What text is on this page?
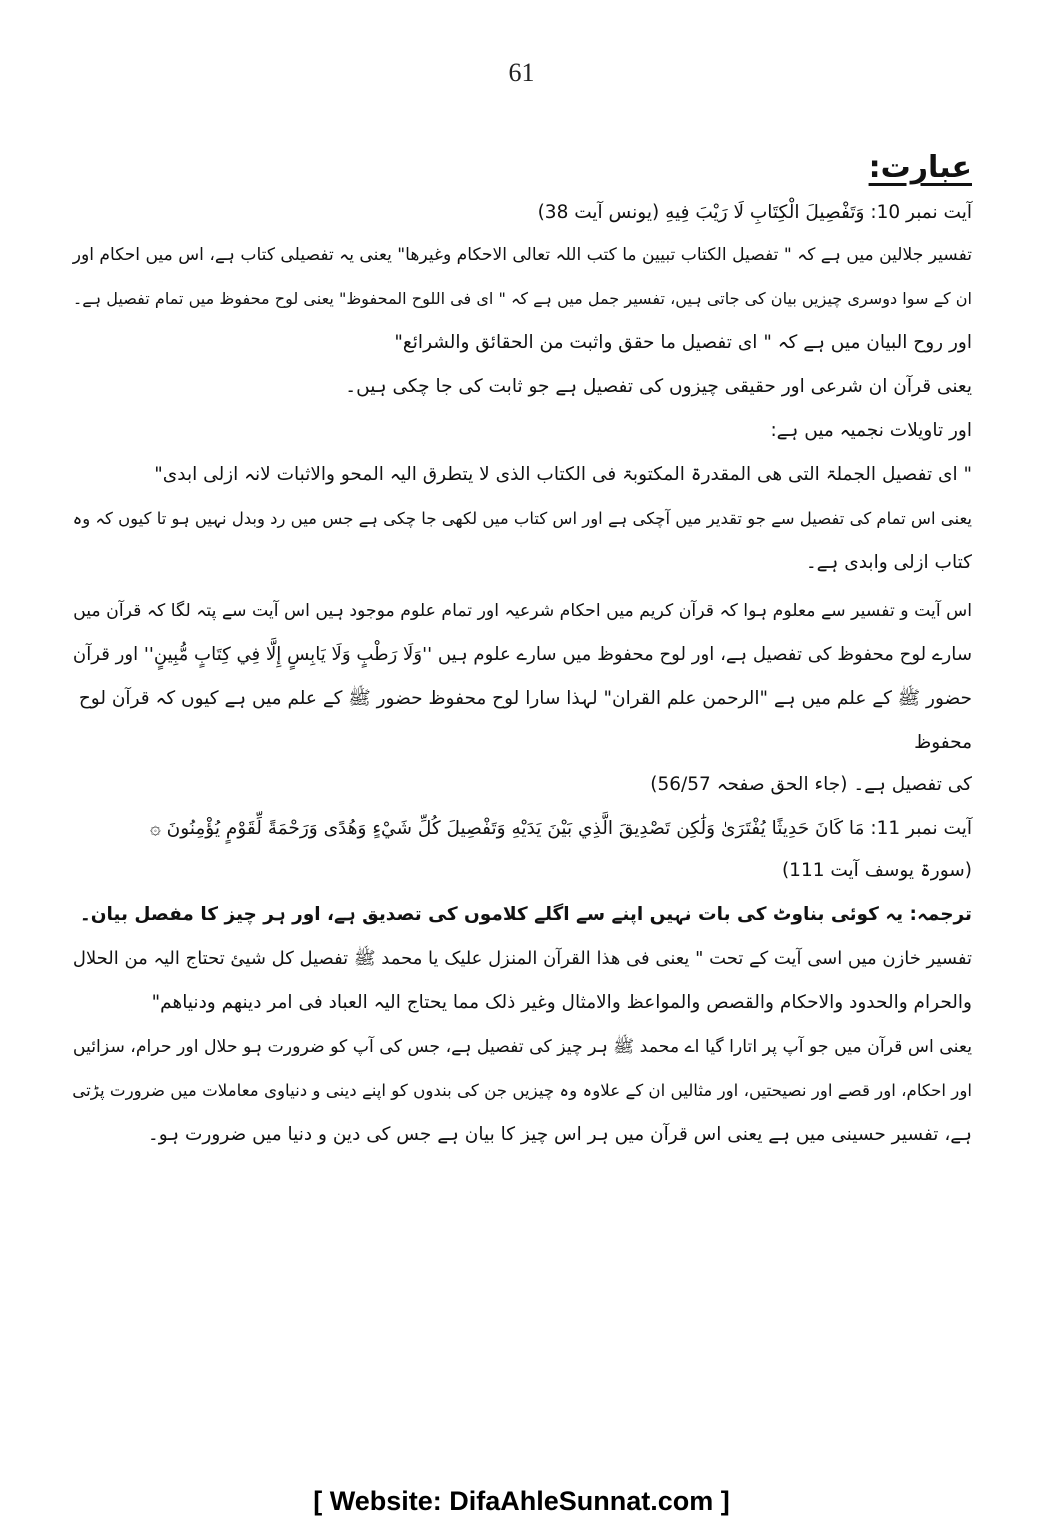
61
عبارت:

آیت نمبر 10: وَتَفْصِيلَ الْكِتَابِ لَا رَيْبَ فِيهِ (یونس آیت 38)

تفسیر جلالین میں ہے کہ " تفصیل الکتاب تبیین ما کتب اللہ تعالی الاحکام وغیرھا" یعنی یہ تفصیلی کتاب ہے، اس میں احکام اور

ان کے سوا دوسری چیزیں بیان کی جاتی ہیں، تفسیر جمل میں ہے کہ " ای فی اللوح المحفوظ" یعنی لوح محفوظ میں تمام تفصیل ہے۔

اور روح البیان میں ہے کہ " ای تفصیل ما حقق واثبت من الحقائق والشرائع"

یعنی قرآن ان شرعی اور حقیقی چیزوں کی تفصیل ہے جو ثابت کی جا چکی ہیں۔

اور تاویلات نجمیہ میں ہے:

" ای تفصیل الجملۃ التی ھی المقدرۃ المکتوبۃ فی الکتاب الذی لا یتطرق الیہ المحو والاثبات لانہ ازلی ابدی"

یعنی اس تمام کی تفصیل سے جو تقدیر میں آچکی ہے اور اس کتاب میں لکھی جا چکی ہے جس میں رد وبدل نہیں ہو تا کیوں کہ وہ

کتاب ازلی وابدی ہے۔

اس آیت و تفسیر سے معلوم ہوا کہ قرآن کریم میں احکام شرعیہ اور تمام علوم موجود ہیں اس آیت سے پتہ لگا کہ قرآن میں

سارے لوح محفوظ کی تفصیل ہے، اور لوح محفوظ میں سارے علوم ہیں ''وَلَا رَطْبٍ وَلَا يَابِسٍ إِلَّا فِي كِتَابٍ مُّبِينٍ'' اور قرآن

حضور ﷺ کے علم میں ہے "الرحمن علم القران" لہذا سارا لوح محفوظ حضور ﷺ کے علم میں ہے کیوں کہ قرآن لوح

محفوظ

کی تفصیل ہے۔ (جاء الحق صفحہ 56/57)

آیت نمبر 11: مَا كَانَ حَدِيثًا يُفْتَرَىٰ وَلَٰكِن تَصْدِيقَ الَّذِي بَيْنَ يَدَيْهِ وَتَفْصِيلَ كُلِّ شَيْءٍ وَهُدًى وَرَحْمَةً لِّقَوْمٍ يُؤْمِنُونَ ۞

(سورۃ یوسف آیت 111)

ترجمہ: یہ کوئی بناوٹ کی بات نہیں اپنے سے اگلے کلاموں کی تصدیق ہے، اور ہر چیز کا مفصل بیان۔

تفسیر خازن میں اسی آیت کے تحت " یعنی فی ھذا القرآن المنزل علیک یا محمد ﷺ تفصیل کل شیئ تحتاج الیہ من الحلال

والحرام والحدود والاحکام والقصص والمواعظ والامثال وغیر ذلک مما یحتاج الیہ العباد فی امر دینھم ودنیاھم"

یعنی اس قرآن میں جو آپ پر اتارا گیا اے محمد ﷺ ہر چیز کی تفصیل ہے، جس کی آپ کو ضرورت ہو حلال اور حرام، سزائیں

اور احکام، اور قصے اور نصیحتیں، اور مثالیں ان کے علاوہ وہ چیزیں جن کی بندوں کو اپنے دینی و دنیاوی معاملات میں ضرورت پڑتی

ہے، تفسیر حسینی میں ہے یعنی اس قرآن میں ہر اس چیز کا بیان ہے جس کی دین و دنیا میں ضرورت ہو۔

[ Website: DifaAhleSunnat.com ]
